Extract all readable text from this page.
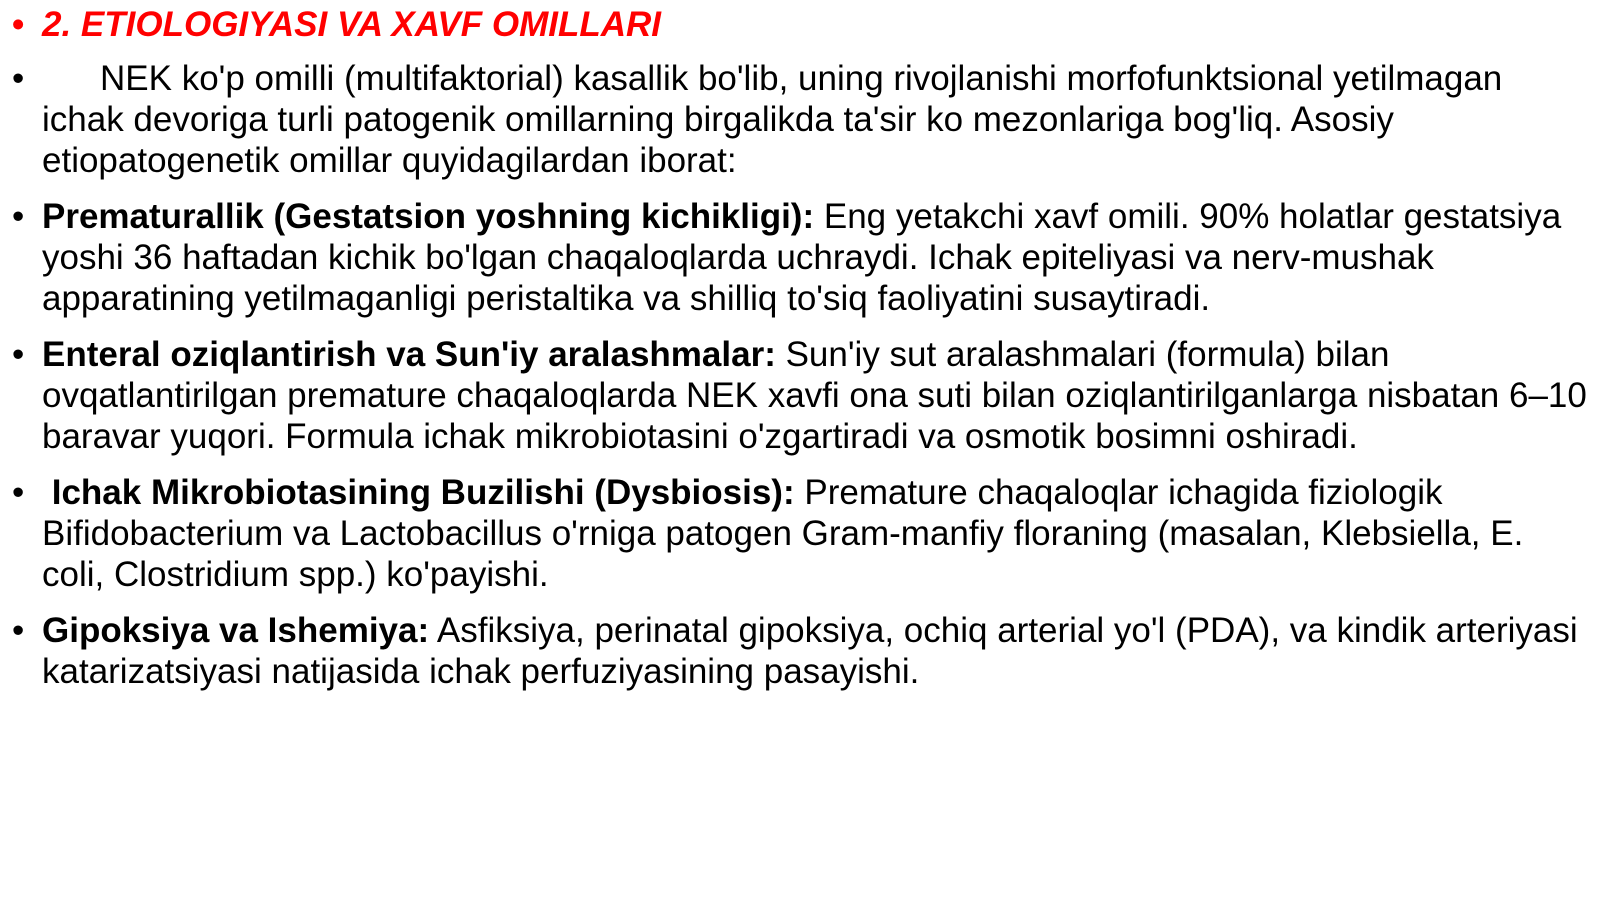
• 2. ETIOLOGIYASI VA XAVF OMILLARI
•	NEK ko'p omilli (multifaktorial) kasallik bo'lib, uning rivojlanishi morfofunktsional yetilmagan ichak devoriga turli patogenik omillarning birgalikda ta'sir ko mezonlariga bog'liq. Asosiy etiopatogenetik omillar quyidagilardan iborat:
• Prematurallik (Gestatsion yoshning kichikligi): Eng yetakchi xavf omili. 90% holatlar gestatsiya yoshi 36 haftadan kichik bo'lgan chaqaloqlarda uchraydi. Ichak epiteliyasi va nerv-mushak apparatining yetilmaganligi peristaltika va shilliq to'siq faoliyatini susaytiradi.
• Enteral oziqlantirish va Sun'iy aralashmalar: Sun'iy sut aralashmalari (formula) bilan ovqatlantirilgan premature chaqaloqlarda NEK xavfi ona suti bilan oziqlantirilganlarga nisbatan 6–10 baravar yuqori. Formula ichak mikrobiotasini o'zgartiradi va osmotik bosimni oshiradi.
• Ichak Mikrobiotasining Buzilishi (Dysbiosis): Premature chaqaloqlar ichagida fiziologik Bifidobacterium va Lactobacillus o'rniga patogen Gram-manfiy floraning (masalan, Klebsiella, E. coli, Clostridium spp.) ko'payishi.
• Gipoksiya va Ishemiya: Asfiksiya, perinatal gipoksiya, ochiq arterial yo'l (PDA), va kindik arteriyasi katarizatsiyasi natijasida ichak perfuziyasining pasayishi.
